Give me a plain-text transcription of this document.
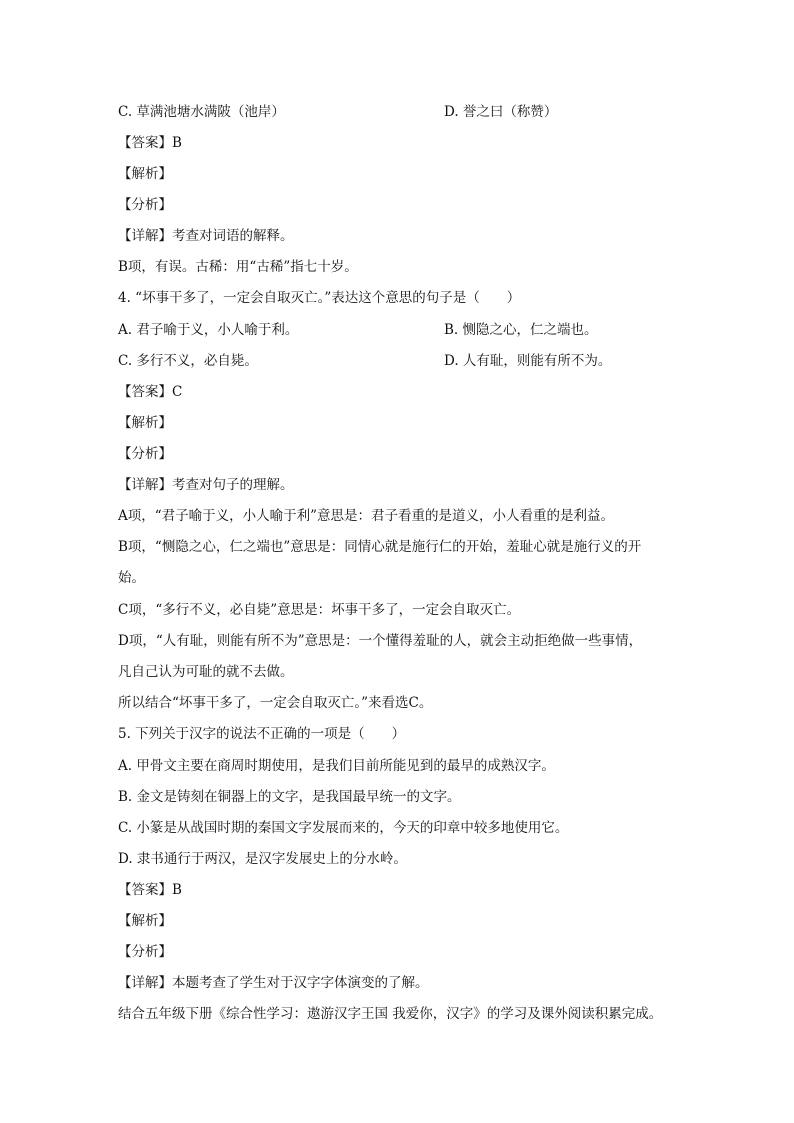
C. 草满池塘水满陂（池岸）	D. 誉之曰（称赞）
【答案】B
【解析】
【分析】
【详解】考查对词语的解释。
B项，有误。古稀：用“古稀”指七十岁。
4. “坏事干多了，一定会自取灭亡。”表达这个意思的句子是（　　）
A. 君子喻于义，小人喻于利。	B. 恻隐之心，仁之端也。
C. 多行不义，必自毙。	D. 人有耻，则能有所不为。
【答案】C
【解析】
【分析】
【详解】考查对句子的理解。
A项，“君子喻于义，小人喻于利”意思是：君子看重的是道义，小人看重的是利益。
B项，“恻隐之心，仁之端也”意思是：同情心就是施行仁的开始，羞耻心就是施行义的开
始。
C项，“多行不义，必自毙”意思是：坏事干多了，一定会自取灭亡。
D项，“人有耻，则能有所不为”意思是：一个懂得羞耻的人，就会主动拒绝做一些事情，
凡自己认为可耻的就不去做。
所以结合“坏事干多了，一定会自取灭亡。”来看选C。
5. 下列关于汉字的说法不正确的一项是（　　）
A. 甲骨文主要在商周时期使用，是我们目前所能见到的最早的成熟汉字。
B. 金文是铸刻在铜器上的文字，是我国最早统一的文字。
C. 小篆是从战国时期的秦国文字发展而来的，今天的印章中较多地使用它。
D. 隶书通行于两汉，是汉字发展史上的分水岭。
【答案】B
【解析】
【分析】
【详解】本题考查了学生对于汉字字体演变的了解。
结合五年级下册《综合性学习：遨游汉字王国 我爱你，汉字》的学习及课外阅读积累完成。
